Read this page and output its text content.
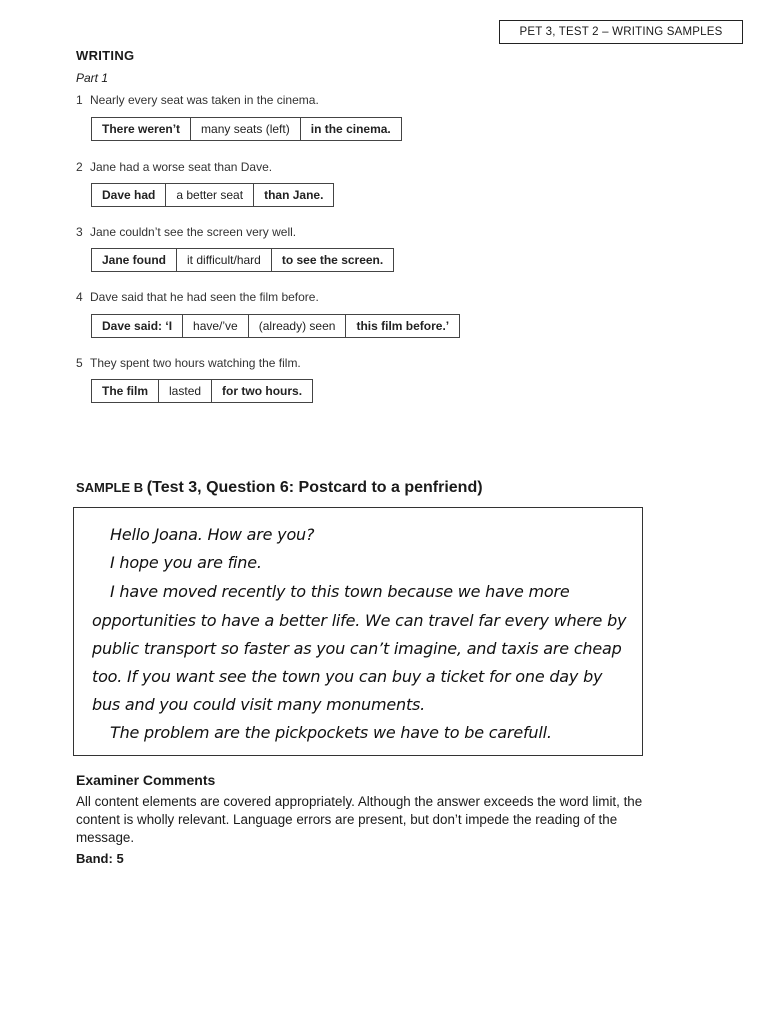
PET 3, TEST 2 – WRITING SAMPLES
WRITING
Part 1
1 Nearly every seat was taken in the cinema.
There weren’t	many seats (left)	in the cinema.
2 Jane had a worse seat than Dave.
Dave had	a better seat	than Jane.
3 Jane couldn’t see the screen very well.
Jane found	it difficult/hard	to see the screen.
4 Dave said that he had seen the film before.
Dave said: ‘I	have/’ve	(already) seen	this film before.’
5 They spent two hours watching the film.
The film	lasted	for two hours.
SAMPLE B (Test 3, Question 6: Postcard to a penfriend)
Hello Joana. How are you?
I hope you are fine.
I have moved recently to this town because we have more
opportunities to have a better life. We can travel far every where by
public transport so faster as you can’t imagine, and taxis are cheap
too. If you want see the town you can buy a ticket for one day by
bus and you could visit many monuments.
The problem are the pickpockets we have to be carefull.
Examiner Comments
All content elements are covered appropriately. Although the answer exceeds the word limit, the content is wholly relevant. Language errors are present, but don’t impede the reading of the message.
Band: 5
